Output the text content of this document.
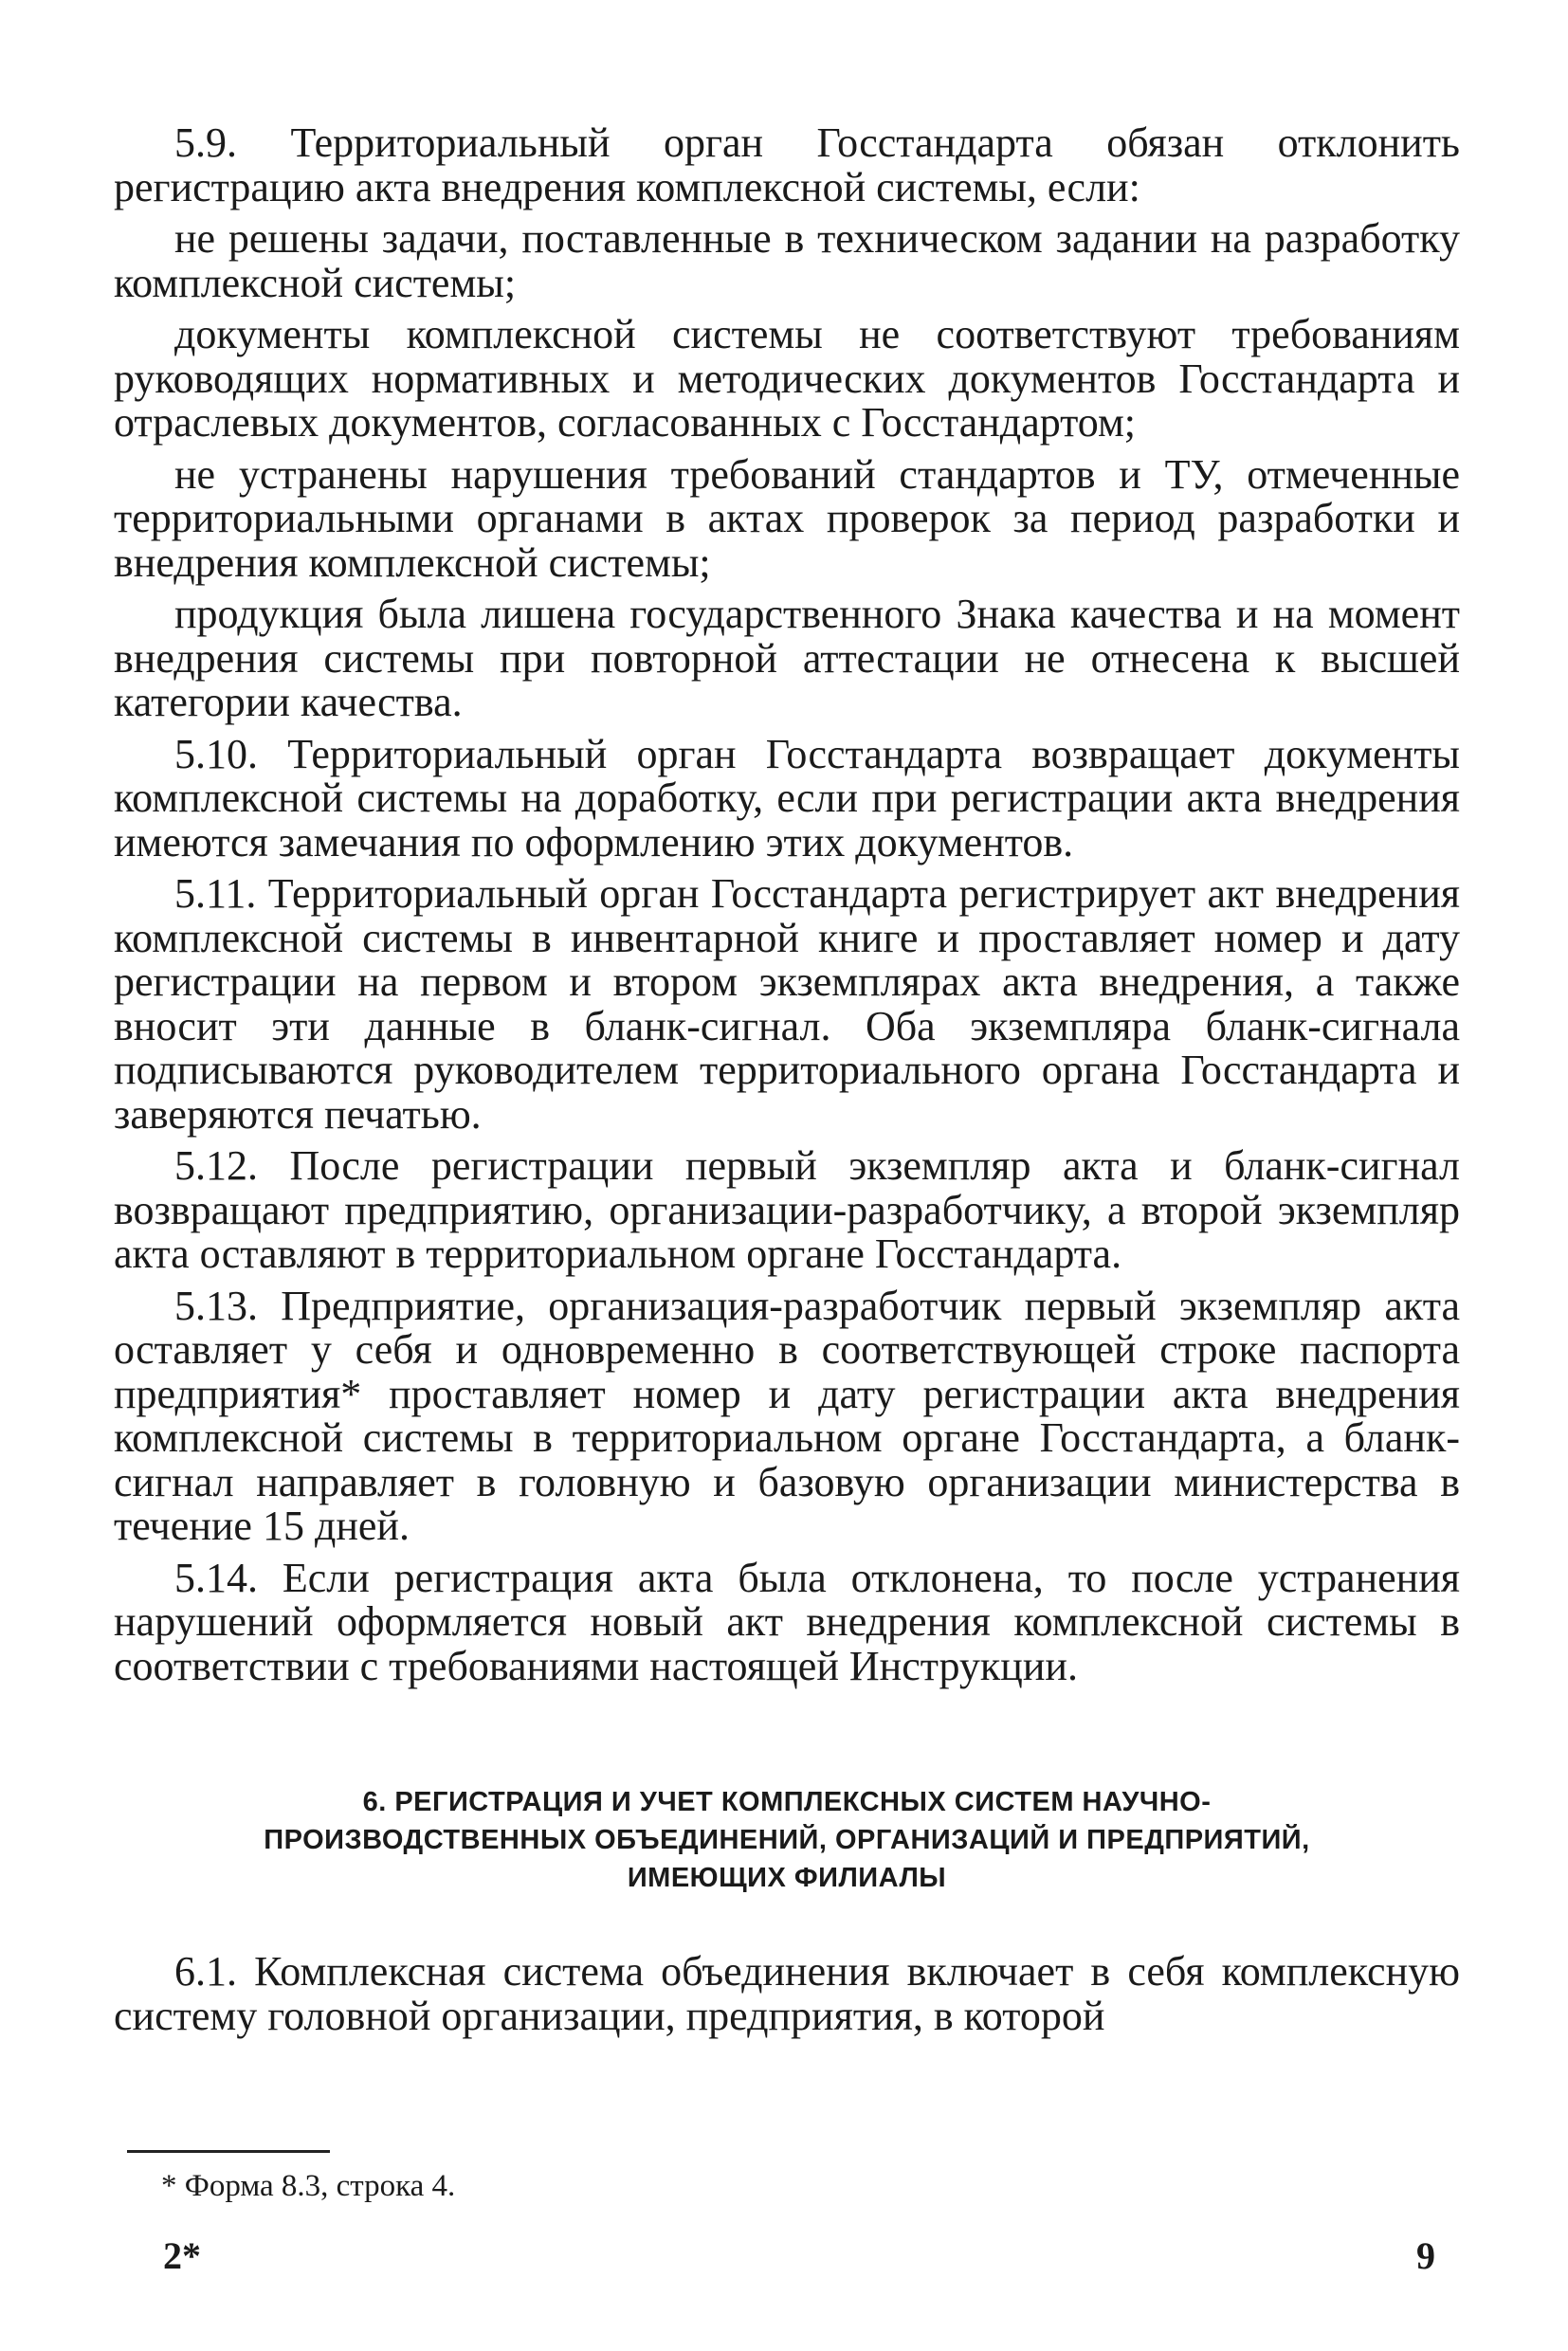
5.9. Территориальный орган Госстандарта обязан отклонить регистрацию акта внедрения комплексной системы, если:

не решены задачи, поставленные в техническом задании на разработку комплексной системы;

документы комплексной системы не соответствуют требованиям руководящих нормативных и методических документов Госстандарта и отраслевых документов, согласованных с Госстандартом;

не устранены нарушения требований стандартов и ТУ, отмеченные территориальными органами в актах проверок за период разработки и внедрения комплексной системы;

продукция была лишена государственного Знака качества и на момент внедрения системы при повторной аттестации не отнесена к высшей категории качества.

5.10. Территориальный орган Госстандарта возвращает документы комплексной системы на доработку, если при регистрации акта внедрения имеются замечания по оформлению этих документов.

5.11. Территориальный орган Госстандарта регистрирует акт внедрения комплексной системы в инвентарной книге и проставляет номер и дату регистрации на первом и втором экземплярах акта внедрения, а также вносит эти данные в бланк-сигнал. Оба экземпляра бланк-сигнала подписываются руководителем территориального органа Госстандарта и заверяются печатью.

5.12. После регистрации первый экземпляр акта и бланк-сигнал возвращают предприятию, организации-разработчику, а второй экземпляр акта оставляют в территориальном органе Госстандарта.

5.13. Предприятие, организация-разработчик первый экземпляр акта оставляет у себя и одновременно в соответствующей строке паспорта предприятия* проставляет номер и дату регистрации акта внедрения комплексной системы в территориальном органе Госстандарта, а бланк-сигнал направляет в головную и базовую организации министерства в течение 15 дней.

5.14. Если регистрация акта была отклонена, то после устранения нарушений оформляется новый акт внедрения комплексной системы в соответствии с требованиями настоящей Инструкции.

6. РЕГИСТРАЦИЯ И УЧЕТ КОМПЛЕКСНЫХ СИСТЕМ НАУЧНО-
ПРОИЗВОДСТВЕННЫХ ОБЪЕДИНЕНИЙ, ОРГАНИЗАЦИЙ И ПРЕДПРИЯТИЙ,
ИМЕЮЩИХ ФИЛИАЛЫ

6.1. Комплексная система объединения включает в себя комплексную систему головной организации, предприятия, в которой

* Форма 8.3, строка 4.
2*	9
